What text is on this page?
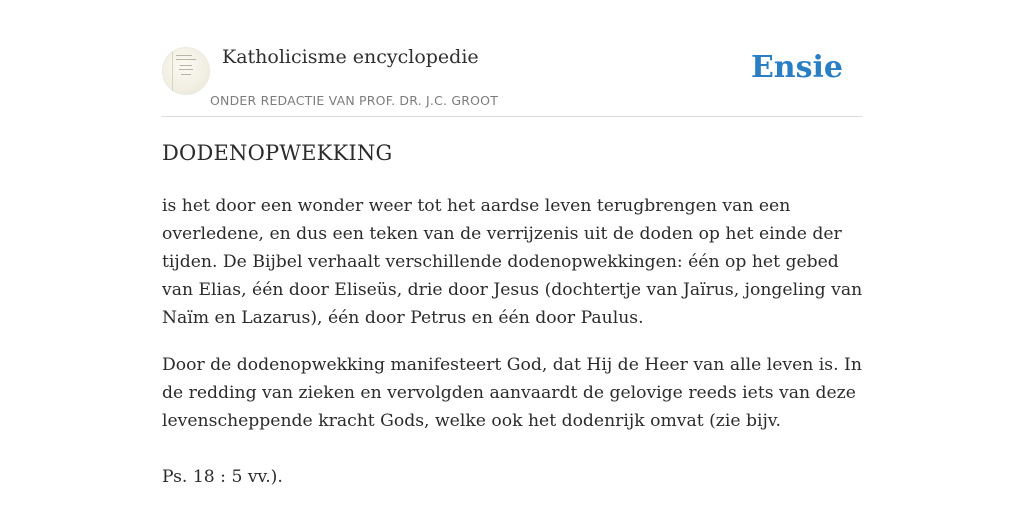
Katholicisme encyclopedie
ONDER REDACTIE VAN PROF. DR. J.C. GROOT
Ensie
DODENOPWEKKING

is het door een wonder weer tot het aardse leven terugbrengen van een overledene, en dus een teken van de verrijzenis uit de doden op het einde der tijden. De Bijbel verhaalt verschillende dodenopwekkingen: één op het gebed van Elias, één door Eliseüs, drie door Jesus (dochtertje van Jaïrus, jongeling van Naïm en Lazarus), één door Petrus en één door Paulus.

Door de dodenopwekking manifesteert God, dat Hij de Heer van alle leven is. In de redding van zieken en vervolgden aanvaardt de gelovige reeds iets van deze levenscheppende kracht Gods, welke ook het dodenrijk omvat (zie bijv.

Ps. 18 : 5 vv.).
